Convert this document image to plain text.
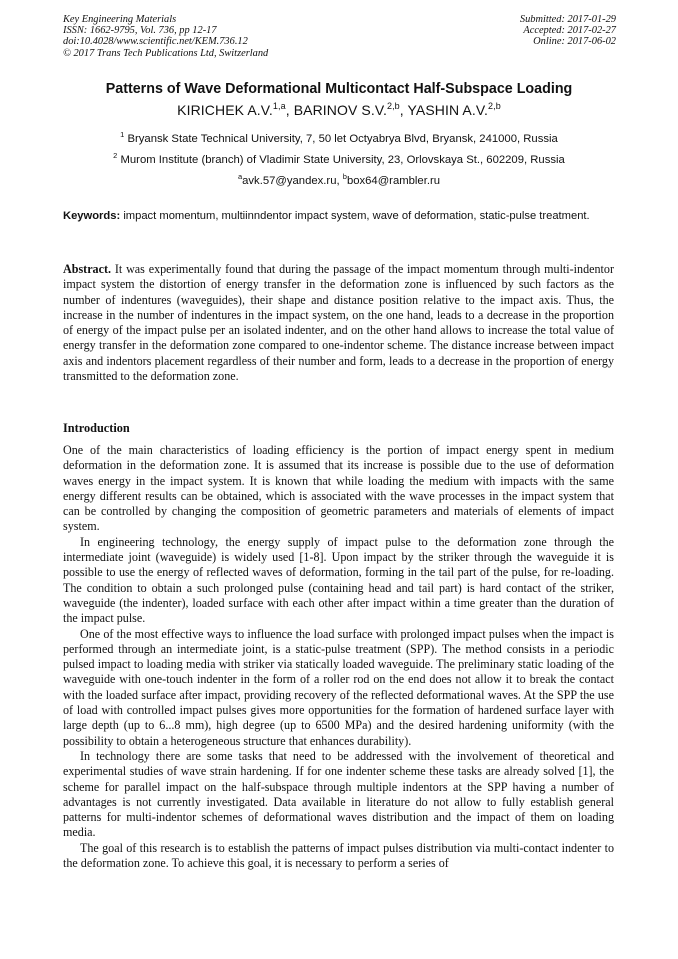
Key Engineering Materials
ISSN: 1662-9795, Vol. 736, pp 12-17
doi:10.4028/www.scientific.net/KEM.736.12
© 2017 Trans Tech Publications Ltd, Switzerland
Submitted: 2017-01-29
Accepted: 2017-02-27
Online: 2017-06-02
Patterns of Wave Deformational Multicontact Half-Subspace Loading
KIRICHEK A.V.$^{1,a}$, BARINOV S.V.$^{2,b}$, YASHIN A.V.$^{2,b}$
$^1$ Bryansk State Technical University, 7, 50 let Octyabrya Blvd, Bryansk, 241000, Russia
$^2$ Murom Institute (branch) of Vladimir State University, 23, Orlovskaya St., 602209, Russia
$^a$avk.57@yandex.ru, $^b$box64@rambler.ru
Keywords: impact momentum, multiinndentor impact system, wave of deformation, static-pulse treatment.
Abstract. It was experimentally found that during the passage of the impact momentum through multi-indentor impact system the distortion of energy transfer in the deformation zone is influenced by such factors as the number of indentures (waveguides), their shape and distance position relative to the impact axis. Thus, the increase in the number of indentures in the impact system, on the one hand, leads to a decrease in the proportion of energy of the impact pulse per an isolated indenter, and on the other hand allows to increase the total value of energy transfer in the deformation zone compared to one-indentor scheme. The distance increase between impact axis and indentors placement regardless of their number and form, leads to a decrease in the proportion of energy transmitted to the deformation zone.
Introduction

One of the main characteristics of loading efficiency is the portion of impact energy spent in medium deformation in the deformation zone. It is assumed that its increase is possible due to the use of deformation waves energy in the impact system. It is known that while loading the medium with impacts with the same energy different results can be obtained, which is associated with the wave processes in the impact system that can be controlled by changing the composition of geometric parameters and materials of elements of impact system.

In engineering technology, the energy supply of impact pulse to the deformation zone through the intermediate joint (waveguide) is widely used [1-8]. Upon impact by the striker through the waveguide it is possible to use the energy of reflected waves of deformation, forming in the tail part of the pulse, for re-loading. The condition to obtain a such prolonged pulse (containing head and tail part) is hard contact of the striker, waveguide (the indenter), loaded surface with each other after impact within a time greater than the duration of the impact pulse.

One of the most effective ways to influence the load surface with prolonged impact pulses when the impact is performed through an intermediate joint, is a static-pulse treatment (SPP). The method consists in a periodic pulsed impact to loading media with striker via statically loaded waveguide. The preliminary static loading of the waveguide with one-touch indenter in the form of a roller rod on the end does not allow it to break the contact with the loaded surface after impact, providing recovery of the reflected deformational waves. At the SPP the use of load with controlled impact pulses gives more opportunities for the formation of hardened surface layer with large depth (up to 6...8 mm), high degree (up to 6500 MPa) and the desired hardening uniformity (with the possibility to obtain a heterogeneous structure that enhances durability).

In technology there are some tasks that need to be addressed with the involvement of theoretical and experimental studies of wave strain hardening. If for one indenter scheme these tasks are already solved [1], the scheme for parallel impact on the half-subspace through multiple indentors at the SPP having a number of advantages is not currently investigated. Data available in literature do not allow to fully establish general patterns for multi-indentor schemes of deformational waves distribution and the impact of them on loading media.

The goal of this research is to establish the patterns of impact pulses distribution via multi-contact indenter to the deformation zone. To achieve this goal, it is necessary to perform a series of
